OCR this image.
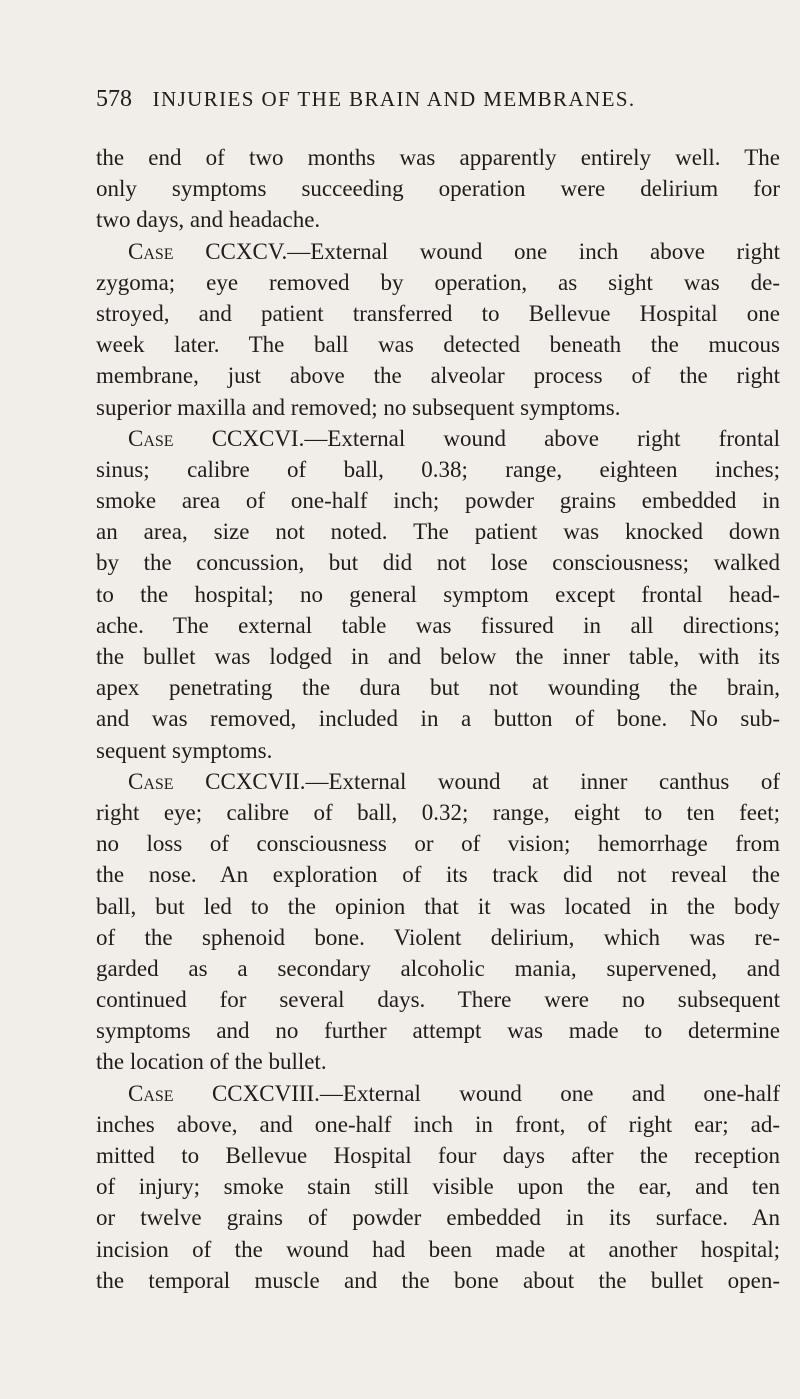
578 INJURIES OF THE BRAIN AND MEMBRANES.
the end of two months was apparently entirely well. The
only symptoms succeeding operation were delirium for
two days, and headache.
Case CCXCV.—External wound one inch above right
zygoma; eye removed by operation, as sight was de-
stroyed, and patient transferred to Bellevue Hospital one
week later. The ball was detected beneath the mucous
membrane, just above the alveolar process of the right
superior maxilla and removed; no subsequent symptoms.
Case CCXCVI.—External wound above right frontal
sinus; calibre of ball, 0.38; range, eighteen inches;
smoke area of one-half inch; powder grains embedded in
an area, size not noted. The patient was knocked down
by the concussion, but did not lose consciousness; walked
to the hospital; no general symptom except frontal head-
ache. The external table was fissured in all directions;
the bullet was lodged in and below the inner table, with its
apex penetrating the dura but not wounding the brain,
and was removed, included in a button of bone. No sub-
sequent symptoms.
Case CCXCVII.—External wound at inner canthus of
right eye; calibre of ball, 0.32; range, eight to ten feet;
no loss of consciousness or of vision; hemorrhage from
the nose. An exploration of its track did not reveal the
ball, but led to the opinion that it was located in the body
of the sphenoid bone. Violent delirium, which was re-
garded as a secondary alcoholic mania, supervened, and
continued for several days. There were no subsequent
symptoms and no further attempt was made to determine
the location of the bullet.
Case CCXCVIII.—External wound one and one-half
inches above, and one-half inch in front, of right ear; ad-
mitted to Bellevue Hospital four days after the reception
of injury; smoke stain still visible upon the ear, and ten
or twelve grains of powder embedded in its surface. An
incision of the wound had been made at another hospital;
the temporal muscle and the bone about the bullet open-
